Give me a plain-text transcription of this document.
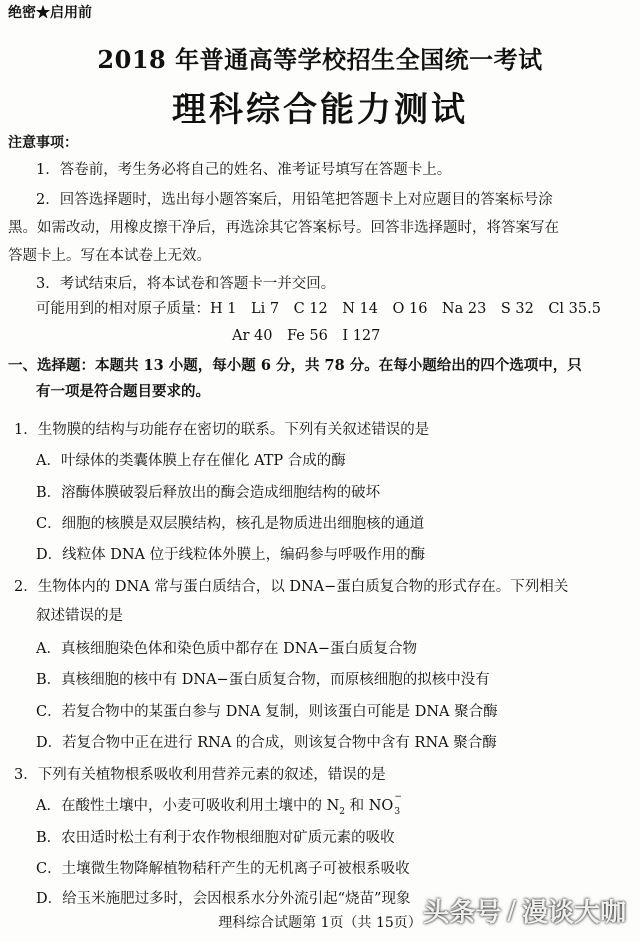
绝密★启用前
2018 年普通高等学校招生全国统一考试
理科综合能力测试
注意事项：
1．答卷前，考生务必将自己的姓名、准考证号填写在答题卡上。
2．回答选择题时，选出每小题答案后，用铅笔把答题卡上对应题目的答案标号涂
黑。如需改动，用橡皮擦干净后，再选涂其它答案标号。回答非选择题时，将答案写在
答题卡上。写在本试卷上无效。
3．考试结束后，将本试卷和答题卡一并交回。
可能用到的相对原子质量：H 1　Li 7　C 12　N 14　O 16　Na 23　S 32　Cl 35.5
Ar 40　Fe 56　I 127
一、选择题：本题共 13 小题，每小题 6 分，共 78 分。在每小题给出的四个选项中，只
有一项是符合题目要求的。
1．生物膜的结构与功能存在密切的联系。下列有关叙述错误的是
A．叶绿体的类囊体膜上存在催化 ATP 合成的酶
B．溶酶体膜破裂后释放出的酶会造成细胞结构的破坏
C．细胞的核膜是双层膜结构，核孔是物质进出细胞核的通道
D．线粒体 DNA 位于线粒体外膜上，编码参与呼吸作用的酶
2．生物体内的 DNA 常与蛋白质结合，以 DNA−蛋白质复合物的形式存在。下列相关
叙述错误的是
A．真核细胞染色体和染色质中都存在 DNA−蛋白质复合物
B．真核细胞的核中有 DNA−蛋白质复合物，而原核细胞的拟核中没有
C．若复合物中的某蛋白参与 DNA 复制，则该蛋白可能是 DNA 聚合酶
D．若复合物中正在进行 RNA 的合成，则该复合物中含有 RNA 聚合酶
3．下列有关植物根系吸收利用营养元素的叙述，错误的是
A．在酸性土壤中，小麦可吸收利用土壤中的 $N_2$ 和 NO
−
$_3$
B．农田适时松土有利于农作物根细胞对矿质元素的吸收
C．土壤微生物降解植物秸秆产生的无机离子可被根系吸收
D．给玉米施肥过多时，会因根系水分外流引起“烧苗”现象
理科综合试题第 1页（共 15页） 头条号 / 漫谈大咖
